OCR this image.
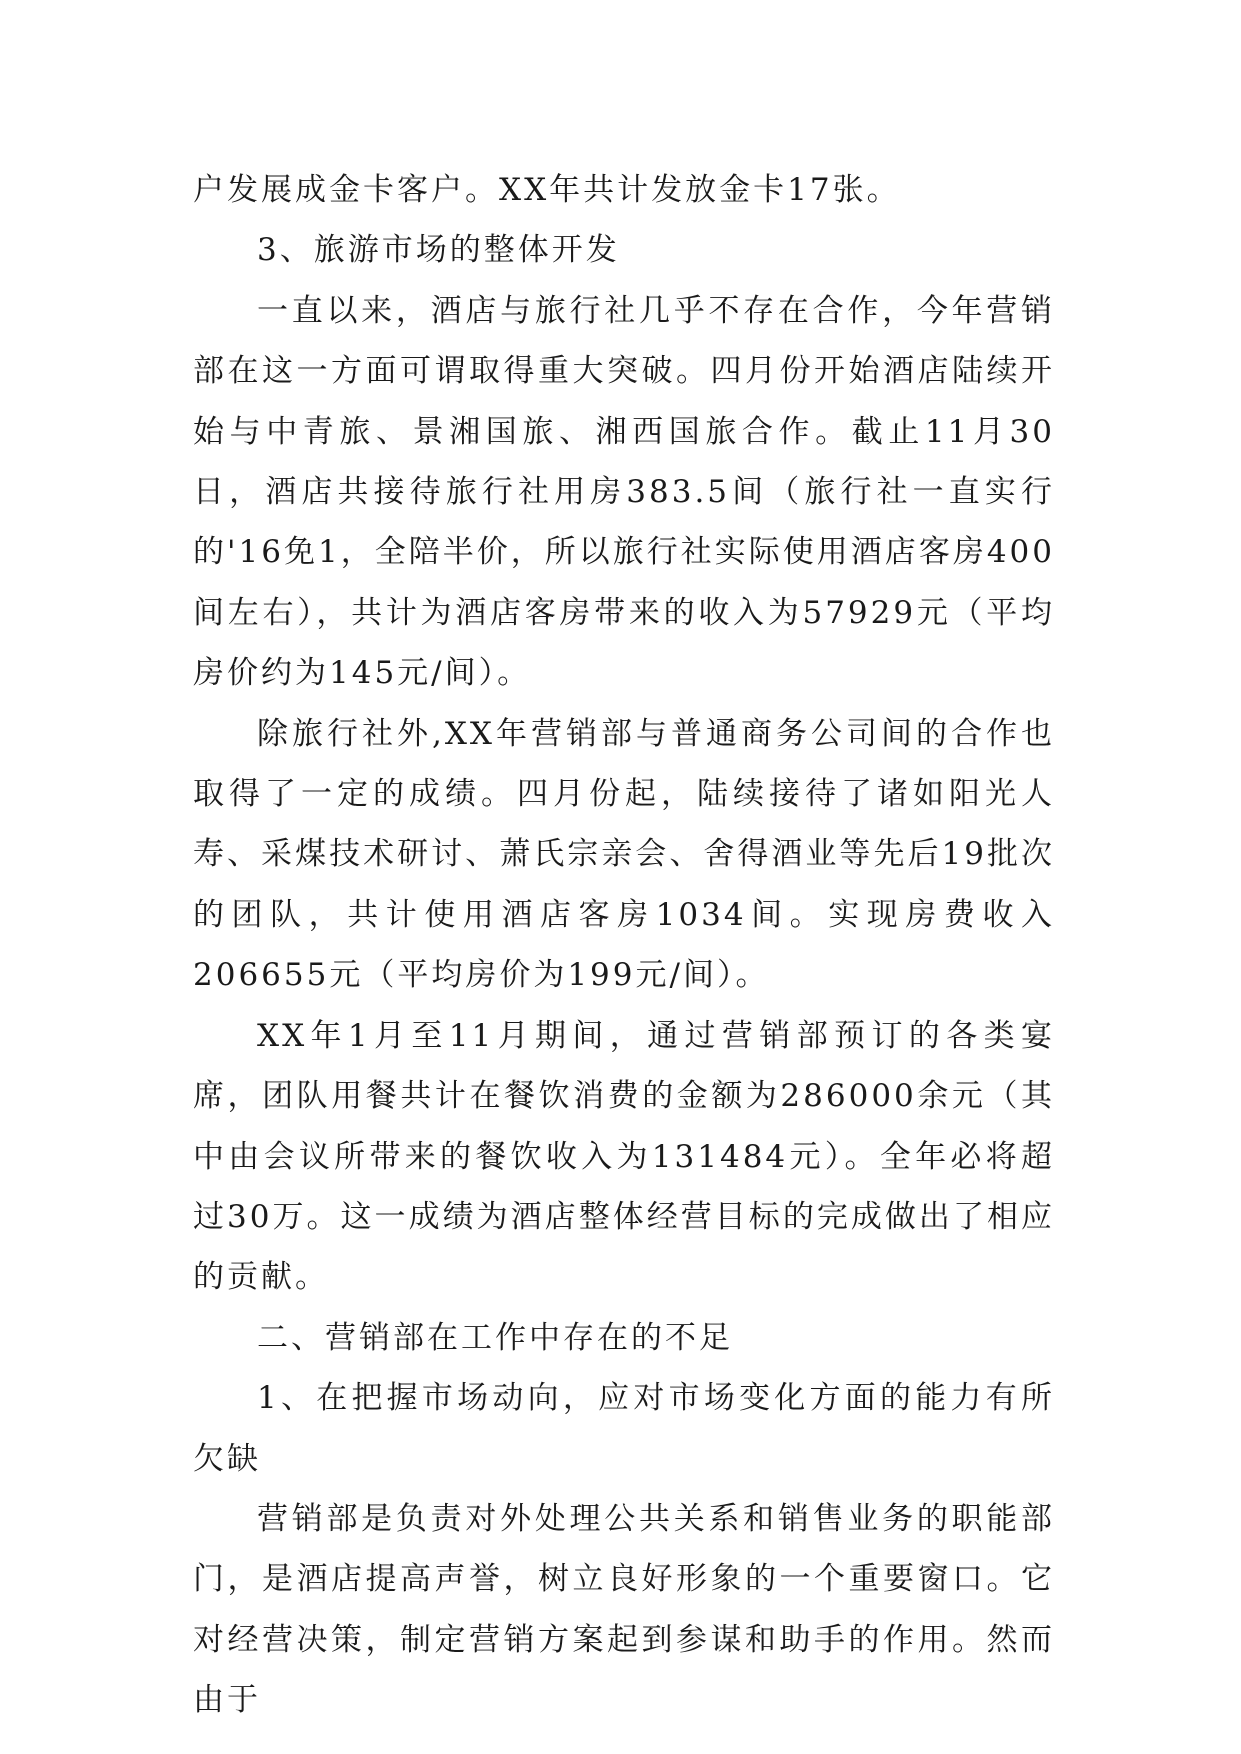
户发展成金卡客户。XX年共计发放金卡17张。

3、旅游市场的整体开发

一直以来，酒店与旅行社几乎不存在合作，今年营销部在这一方面可谓取得重大突破。四月份开始酒店陆续开始与中青旅、景湘国旅、湘西国旅合作。截止11月30日，酒店共接待旅行社用房383.5间（旅行社一直实行的'16免1，全陪半价，所以旅行社实际使用酒店客房400间左右），共计为酒店客房带来的收入为57929元（平均房价约为145元/间）。

除旅行社外,XX年营销部与普通商务公司间的合作也取得了一定的成绩。四月份起，陆续接待了诸如阳光人寿、采煤技术研讨、萧氏宗亲会、舍得酒业等先后19批次的团队，共计使用酒店客房1034间。实现房费收入206655元（平均房价为199元/间）。

XX年1月至11月期间，通过营销部预订的各类宴席，团队用餐共计在餐饮消费的金额为286000余元（其中由会议所带来的餐饮收入为131484元）。全年必将超过30万。这一成绩为酒店整体经营目标的完成做出了相应的贡献。

二、营销部在工作中存在的不足

1、在把握市场动向，应对市场变化方面的能力有所欠缺

营销部是负责对外处理公共关系和销售业务的职能部门，是酒店提高声誉，树立良好形象的一个重要窗口。它对经营决策，制定营销方案起到参谋和助手的作用。然而由于
